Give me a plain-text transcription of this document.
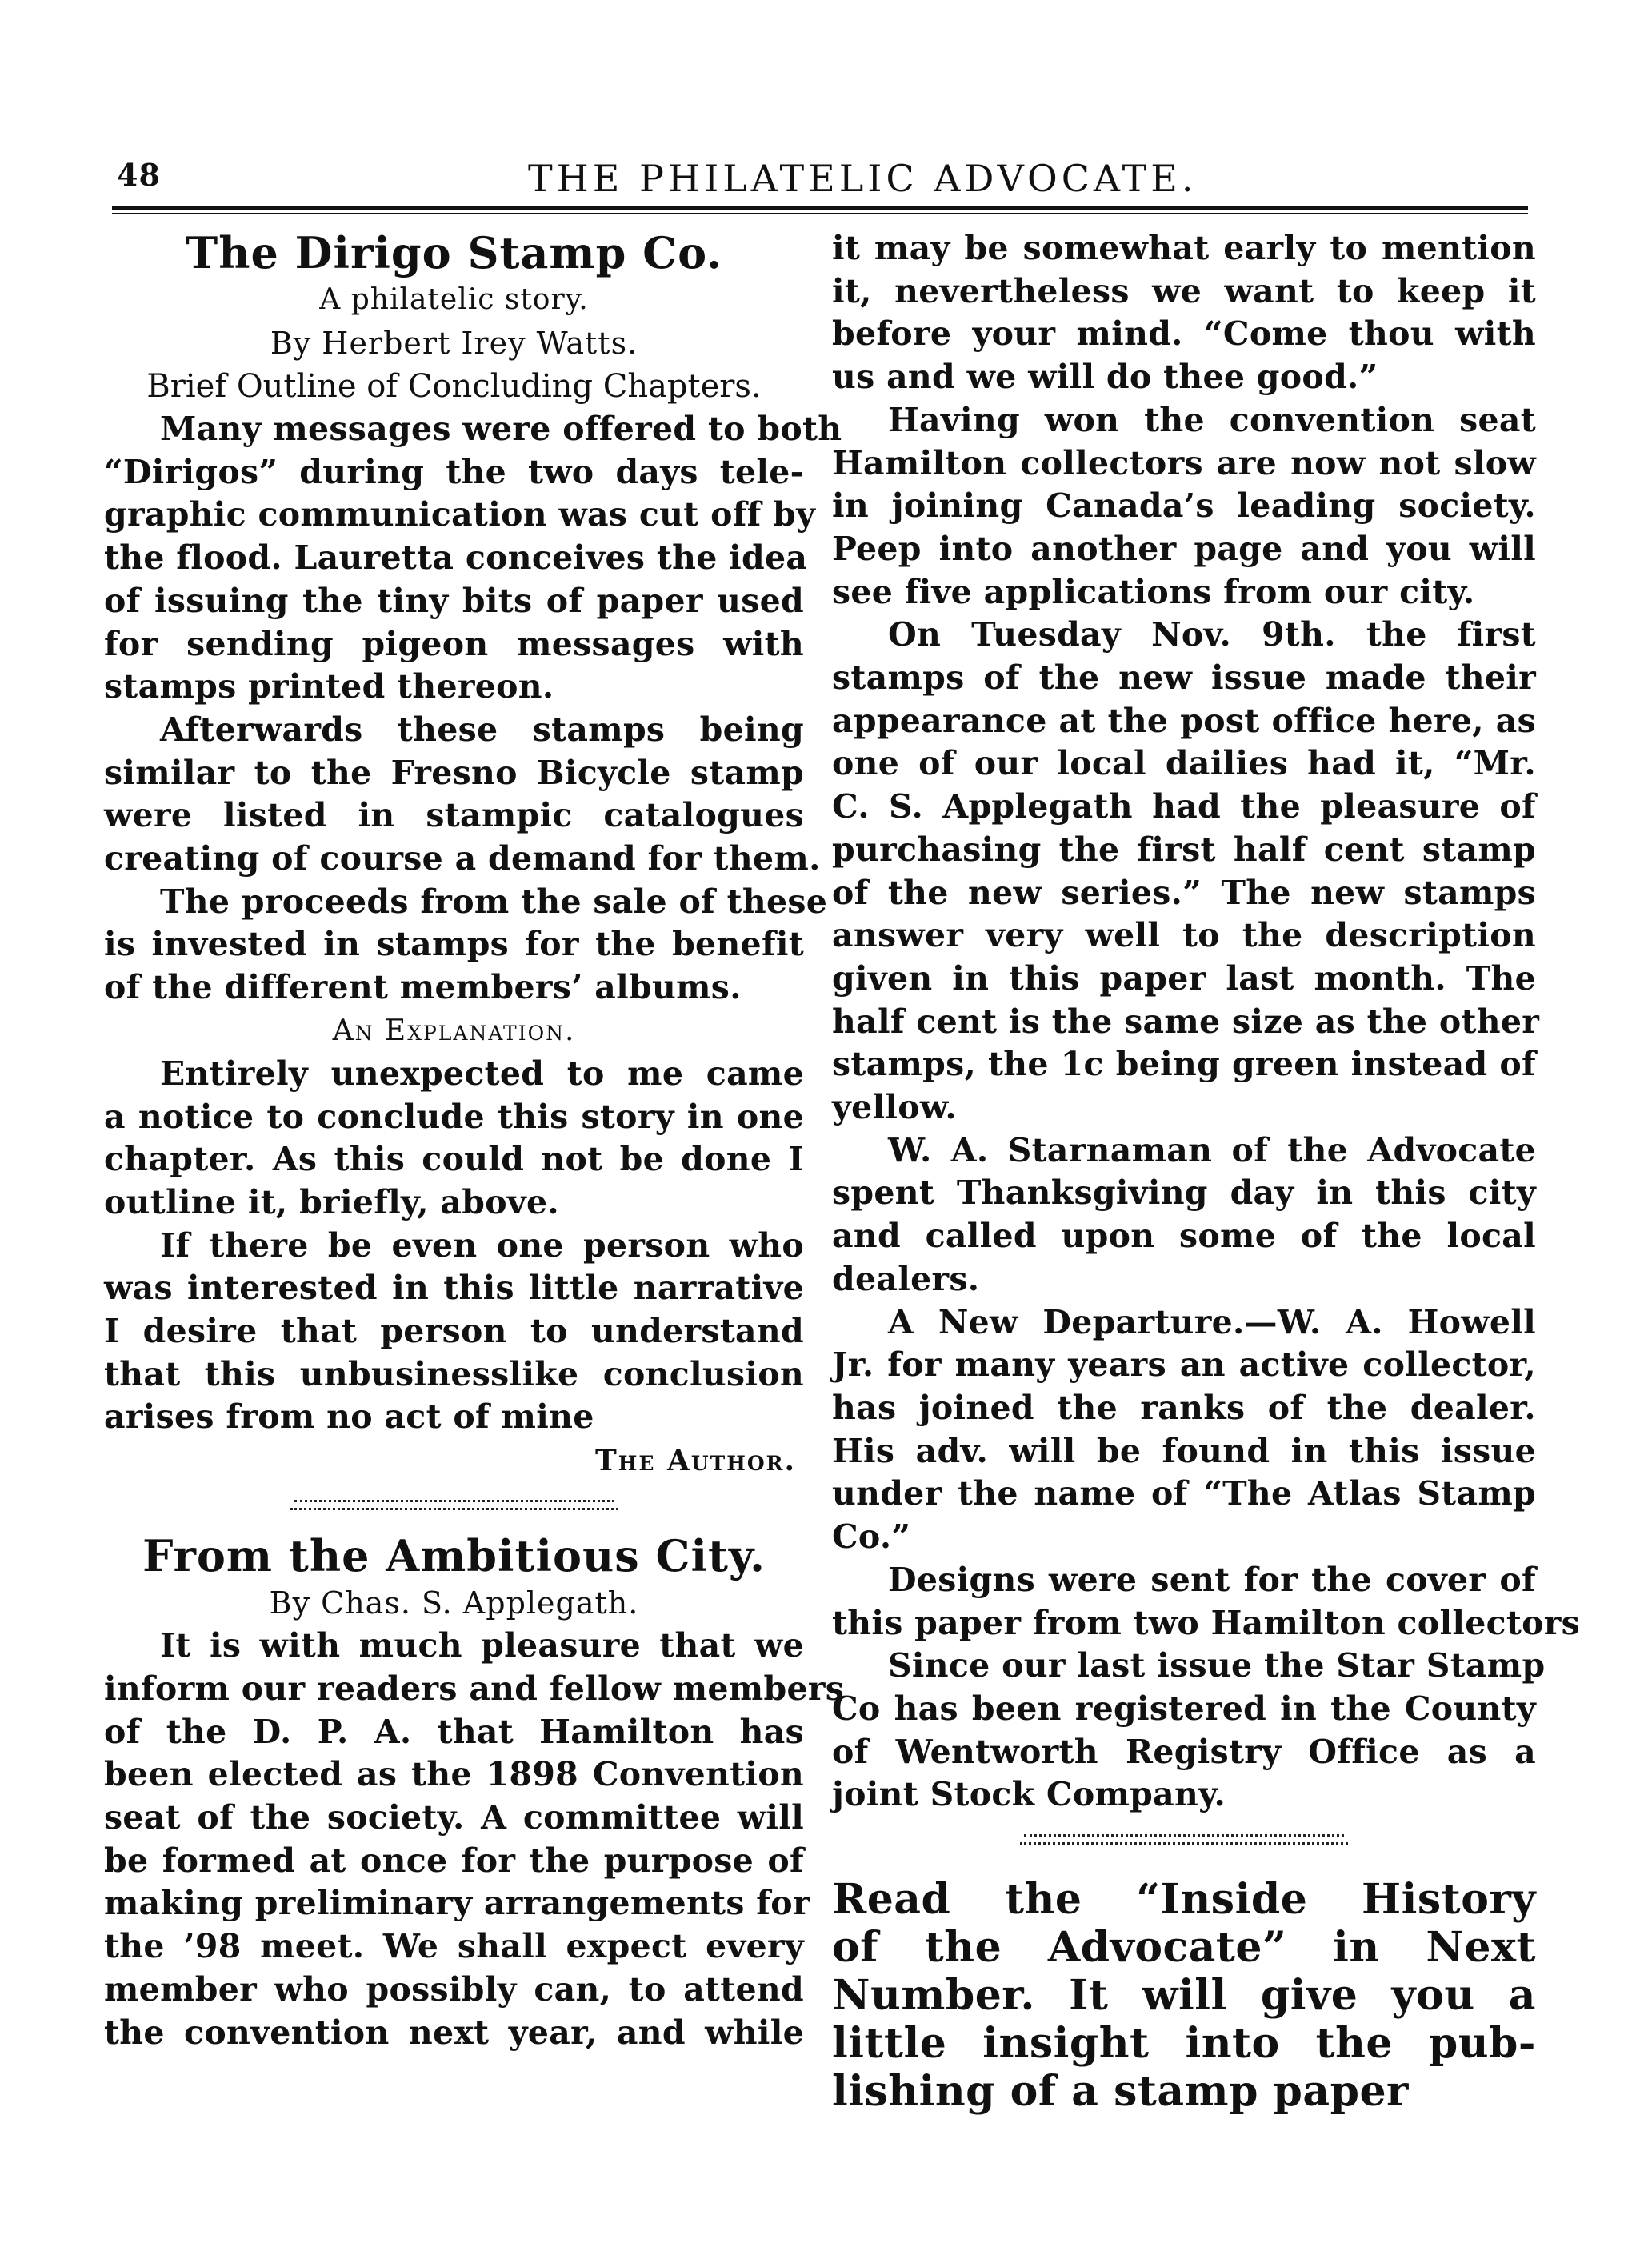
48	THE PHILATELIC ADVOCATE.
The Dirigo Stamp Co.
A philatelic story.
By Herbert Irey Watts.
Brief Outline of Concluding Chapters.
Many messages were offered to both
“Dirigos” during the two days tele-
graphic communication was cut off by
the flood. Lauretta conceives the idea
of issuing the tiny bits of paper used
for sending pigeon messages with
stamps printed thereon.
Afterwards these stamps being
similar to the Fresno Bicycle stamp
were listed in stampic catalogues
creating of course a demand for them.
The proceeds from the sale of these
is invested in stamps for the benefit
of the different members’ albums.
An Explanation.
Entirely unexpected to me came
a notice to conclude this story in one
chapter. As this could not be done I
outline it, briefly, above.
If there be even one person who
was interested in this little narrative
I desire that person to understand
that this unbusinesslike conclusion
arises from no act of mine
The Author.
From the Ambitious City.
By Chas. S. Applegath.
It is with much pleasure that we
inform our readers and fellow members
of the D. P. A. that Hamilton has
been elected as the 1898 Convention
seat of the society. A committee will
be formed at once for the purpose of
making preliminary arrangements for
the ’98 meet. We shall expect every
member who possibly can, to attend
the convention next year, and while
it may be somewhat early to mention
it, nevertheless we want to keep it
before your mind. “Come thou with
us and we will do thee good.”
Having won the convention seat
Hamilton collectors are now not slow
in joining Canada’s leading society.
Peep into another page and you will
see five applications from our city.
On Tuesday Nov. 9th. the first
stamps of the new issue made their
appearance at the post office here, as
one of our local dailies had it, “Mr.
C. S. Applegath had the pleasure of
purchasing the first half cent stamp
of the new series.” The new stamps
answer very well to the description
given in this paper last month. The
half cent is the same size as the other
stamps, the 1c being green instead of
yellow.
W. A. Starnaman of the Advocate
spent Thanksgiving day in this city
and called upon some of the local
dealers.
A New Departure.—W. A. Howell
Jr. for many years an active collector,
has joined the ranks of the dealer.
His adv. will be found in this issue
under the name of “The Atlas Stamp
Co.”
Designs were sent for the cover of
this paper from two Hamilton collectors
Since our last issue the Star Stamp
Co has been registered in the County
of Wentworth Registry Office as a
joint Stock Company.
Read the “Inside History
of the Advocate” in Next
Number. It will give you a
little insight into the pub-
lishing of a stamp paper
